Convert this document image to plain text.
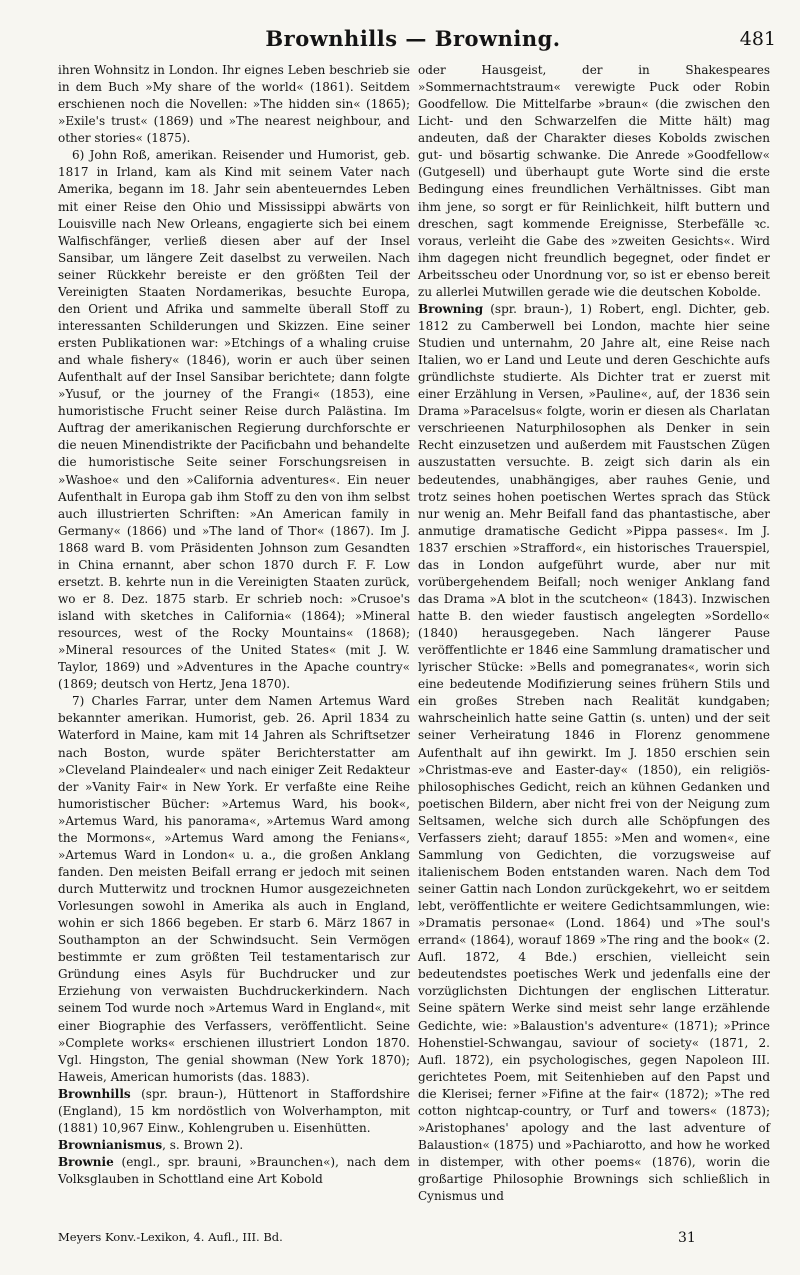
Brownhills — Browning.	481

ihren Wohnsitz in London. Ihr eignes Leben beschrieb sie in dem Buch »My share of the world« (1861). Seitdem erschienen noch die Novellen: »The hidden sin« (1865); »Exile's trust« (1869) und »The nearest neighbour, and other stories« (1875).

6) John Roß, amerikan. Reisender und Humorist, geb. 1817 in Irland, kam als Kind mit seinem Vater nach Amerika, begann im 18. Jahr sein abenteuerndes Leben mit einer Reise den Ohio und Mississippi abwärts von Louisville nach New Orleans, engagierte sich bei einem Walfischfänger, verließ diesen aber auf der Insel Sansibar, um längere Zeit daselbst zu verweilen. Nach seiner Rückkehr bereiste er den größten Teil der Vereinigten Staaten Nordamerikas, besuchte Europa, den Orient und Afrika und sammelte überall Stoff zu interessanten Schilderungen und Skizzen. Eine seiner ersten Publikationen war: »Etchings of a whaling cruise and whale fishery« (1846), worin er auch über seinen Aufenthalt auf der Insel Sansibar berichtete; dann folgte »Yusuf, or the journey of the Frangi« (1853), eine humoristische Frucht seiner Reise durch Palästina. Im Auftrag der amerikanischen Regierung durchforschte er die neuen Minendistrikte der Pacificbahn und behandelte die humoristische Seite seiner Forschungsreisen in »Washoe« und den »California adventures«. Ein neuer Aufenthalt in Europa gab ihm Stoff zu den von ihm selbst auch illustrierten Schriften: »An American family in Germany« (1866) und »The land of Thor« (1867). Im J. 1868 ward B. vom Präsidenten Johnson zum Gesandten in China ernannt, aber schon 1870 durch F. F. Low ersetzt. B. kehrte nun in die Vereinigten Staaten zurück, wo er 8. Dez. 1875 starb. Er schrieb noch: »Crusoe's island with sketches in California« (1864); »Mineral resources, west of the Rocky Mountains« (1868); »Mineral resources of the United States« (mit J. W. Taylor, 1869) und »Adventures in the Apache country« (1869; deutsch von Hertz, Jena 1870).

7) Charles Farrar, unter dem Namen Artemus Ward bekannter amerikan. Humorist, geb. 26. April 1834 zu Waterford in Maine, kam mit 14 Jahren als Schriftsetzer nach Boston, wurde später Berichterstatter am »Cleveland Plaindealer« und nach einiger Zeit Redakteur der »Vanity Fair« in New York. Er verfaßte eine Reihe humoristischer Bücher: »Artemus Ward, his book«, »Artemus Ward, his panorama«, »Artemus Ward among the Mormons«, »Artemus Ward among the Fenians«, »Artemus Ward in London« u. a., die großen Anklang fanden. Den meisten Beifall errang er jedoch mit seinen durch Mutterwitz und trocknen Humor ausgezeichneten Vorlesungen sowohl in Amerika als auch in England, wohin er sich 1866 begeben. Er starb 6. März 1867 in Southampton an der Schwindsucht. Sein Vermögen bestimmte er zum größten Teil testamentarisch zur Gründung eines Asyls für Buchdrucker und zur Erziehung von verwaisten Buchdruckerkindern. Nach seinem Tod wurde noch »Artemus Ward in England«, mit einer Biographie des Verfassers, veröffentlicht. Seine »Complete works« erschienen illustriert London 1870. Vgl. Hingston, The genial showman (New York 1870); Haweis, American humorists (das. 1883).

Brownhills (spr. braun-), Hüttenort in Staffordshire (England), 15 km nordöstlich von Wolverhampton, mit (1881) 10,967 Einw., Kohlengruben u. Eisenhütten.

Brownianismus, s. Brown 2).

Brownie (engl., spr. brauni, »Braunchen«), nach dem Volksglauben in Schottland eine Art Kobold

oder Hausgeist, der in Shakespeares »Sommernachtstraum« verewigte Puck oder Robin Goodfellow. Die Mittelfarbe »braun« (die zwischen den Licht- und den Schwarzelfen die Mitte hält) mag andeuten, daß der Charakter dieses Kobolds zwischen gut- und bösartig schwanke. Die Anrede »Goodfellow« (Gutgesell) und überhaupt gute Worte sind die erste Bedingung eines freundlichen Verhältnisses. Gibt man ihm jene, so sorgt er für Reinlichkeit, hilft buttern und dreschen, sagt kommende Ereignisse, Sterbefälle ꝛc. voraus, verleiht die Gabe des »zweiten Gesichts«. Wird ihm dagegen nicht freundlich begegnet, oder findet er Arbeitsscheu oder Unordnung vor, so ist er ebenso bereit zu allerlei Mutwillen gerade wie die deutschen Kobolde.

Browning (spr. braun-), 1) Robert, engl. Dichter, geb. 1812 zu Camberwell bei London, machte hier seine Studien und unternahm, 20 Jahre alt, eine Reise nach Italien, wo er Land und Leute und deren Geschichte aufs gründlichste studierte. Als Dichter trat er zuerst mit einer Erzählung in Versen, »Pauline«, auf, der 1836 sein Drama »Paracelsus« folgte, worin er diesen als Charlatan verschrieenen Naturphilosophen als Denker in sein Recht einzusetzen und außerdem mit Faustschen Zügen auszustatten versuchte. B. zeigt sich darin als ein bedeutendes, unabhängiges, aber rauhes Genie, und trotz seines hohen poetischen Wertes sprach das Stück nur wenig an. Mehr Beifall fand das phantastische, aber anmutige dramatische Gedicht »Pippa passes«. Im J. 1837 erschien »Strafford«, ein historisches Trauerspiel, das in London aufgeführt wurde, aber nur mit vorübergehendem Beifall; noch weniger Anklang fand das Drama »A blot in the scutcheon« (1843). Inzwischen hatte B. den wieder faustisch angelegten »Sordello« (1840) herausgegeben. Nach längerer Pause veröffentlichte er 1846 eine Sammlung dramatischer und lyrischer Stücke: »Bells and pomegranates«, worin sich eine bedeutende Modifizierung seines frühern Stils und ein großes Streben nach Realität kundgaben; wahrscheinlich hatte seine Gattin (s. unten) und der seit seiner Verheiratung 1846 in Florenz genommene Aufenthalt auf ihn gewirkt. Im J. 1850 erschien sein »Christmas-eve and Easter-day« (1850), ein religiös-philosophisches Gedicht, reich an kühnen Gedanken und poetischen Bildern, aber nicht frei von der Neigung zum Seltsamen, welche sich durch alle Schöpfungen des Verfassers zieht; darauf 1855: »Men and women«, eine Sammlung von Gedichten, die vorzugsweise auf italienischem Boden entstanden waren. Nach dem Tod seiner Gattin nach London zurückgekehrt, wo er seitdem lebt, veröffentlichte er weitere Gedichtsammlungen, wie: »Dramatis personae« (Lond. 1864) und »The soul's errand« (1864), worauf 1869 »The ring and the book« (2. Aufl. 1872, 4 Bde.) erschien, vielleicht sein bedeutendstes poetisches Werk und jedenfalls eine der vorzüglichsten Dichtungen der englischen Litteratur. Seine spätern Werke sind meist sehr lange erzählende Gedichte, wie: »Balaustion's adventure« (1871); »Prince Hohenstiel-Schwangau, saviour of society« (1871, 2. Aufl. 1872), ein psychologisches, gegen Napoleon III. gerichtetes Poem, mit Seitenhieben auf den Papst und die Klerisei; ferner »Fifine at the fair« (1872); »The red cotton nightcap-country, or Turf and towers« (1873); »Aristophanes' apology and the last adventure of Balaustion« (1875) und »Pachiarotto, and how he worked in distemper, with other poems« (1876), worin die großartige Philosophie Brownings sich schließlich in Cynismus und

Meyers Konv.-Lexikon, 4. Aufl., III. Bd.	31
